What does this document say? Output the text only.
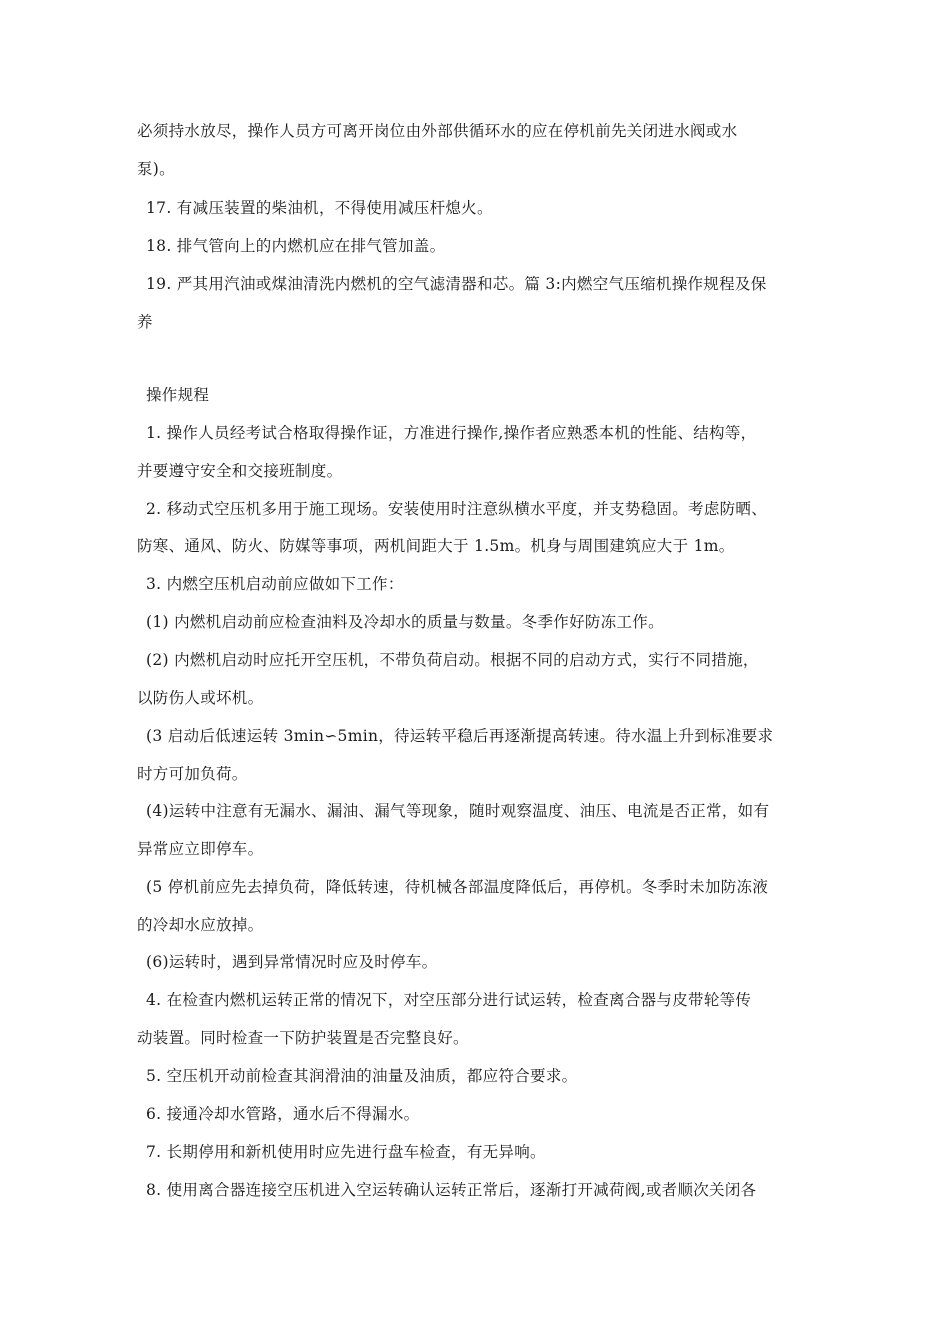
必须持水放尽，操作人员方可离开岗位由外部供循环水的应在停机前先关闭进水阀或水
泵)。
17. 有减压装置的柴油机，不得使用减压杆熄火。
18. 排气管向上的内燃机应在排气管加盖。
19. 严其用汽油或煤油清洗内燃机的空气滤清器和芯。篇 3:内燃空气压缩机操作规程及保
养
操作规程
1. 操作人员经考试合格取得操作证，方准进行操作,操作者应熟悉本机的性能、结构等，
并要遵守安全和交接班制度。
2. 移动式空压机多用于施工现场。安装使用时注意纵横水平度，并支势稳固。考虑防晒、
防寒、通风、防火、防媒等事项，两机间距大于 1.5m。机身与周围建筑应大于 1m。
3. 内燃空压机启动前应做如下工作：
(1) 内燃机启动前应检查油料及冷却水的质量与数量。冬季作好防冻工作。
(2) 内燃机启动时应托开空压机，不带负荷启动。根据不同的启动方式，实行不同措施，
以防伤人或坏机。
(3 启动后低速运转 3min∽5min，待运转平稳后再逐渐提高转速。待水温上升到标准要求
时方可加负荷。
(4)运转中注意有无漏水、漏油、漏气等现象，随时观察温度、油压、电流是否正常，如有
异常应立即停车。
(5 停机前应先去掉负荷，降低转速，待机械各部温度降低后，再停机。冬季时未加防冻液
的冷却水应放掉。
(6)运转时，遇到异常情况时应及时停车。
4. 在检查内燃机运转正常的情况下，对空压部分进行试运转，检查离合器与皮带轮等传
动装置。同时检查一下防护装置是否完整良好。
5. 空压机开动前检查其润滑油的油量及油质，都应符合要求。
6. 接通冷却水管路，通水后不得漏水。
7. 长期停用和新机使用时应先进行盘车检查，有无异响。
8. 使用离合器连接空压机进入空运转确认运转正常后，逐渐打开减荷阀,或者顺次关闭各
